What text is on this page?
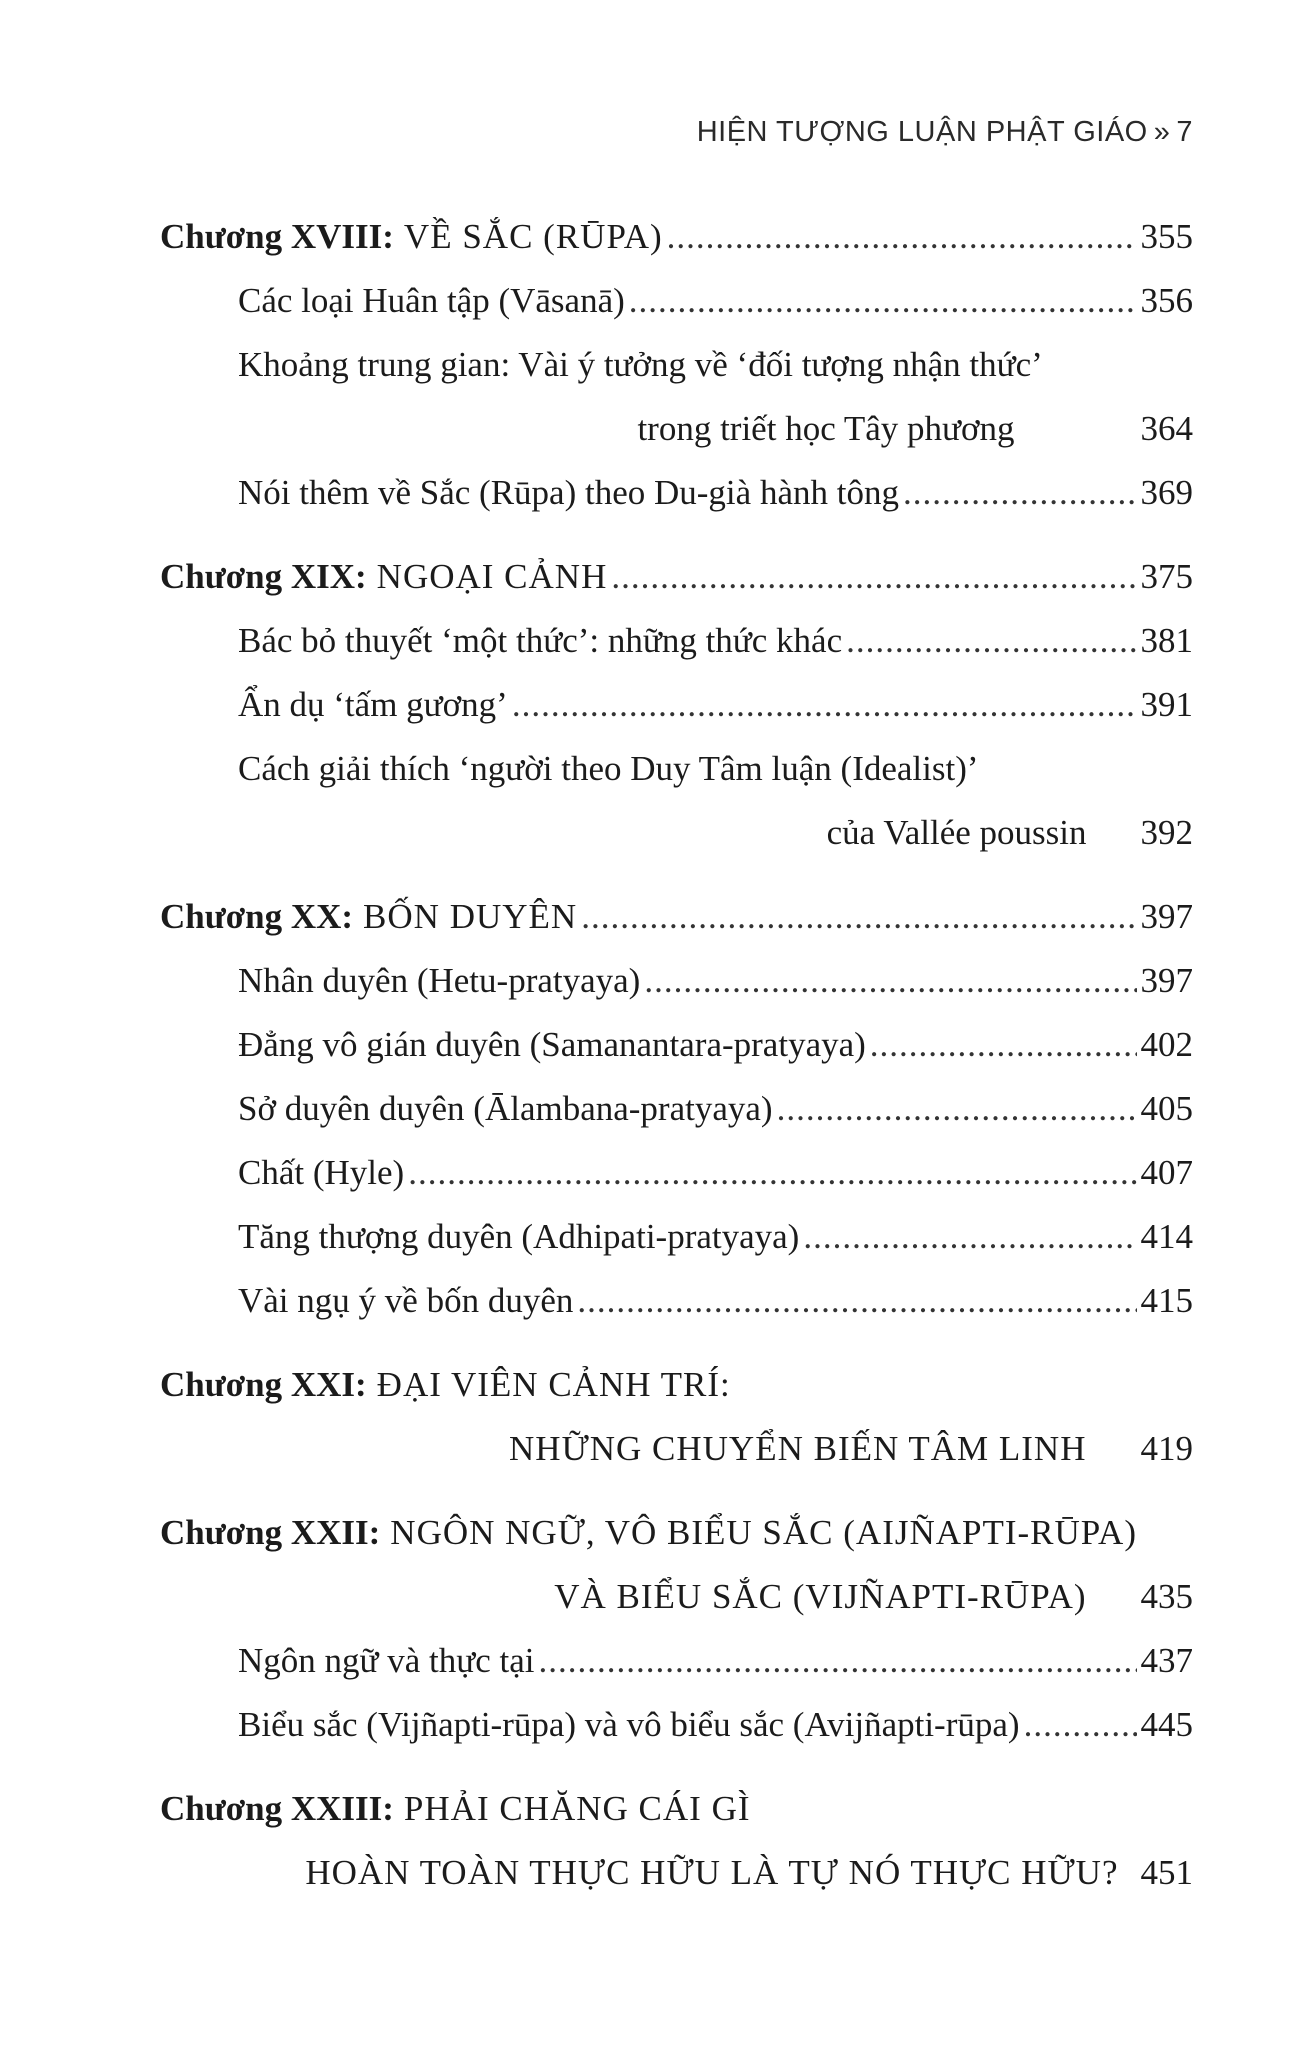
HIỆN TƯỢNG LUẬN PHẬT GIÁO » 7
Chương XVIII: VỀ SẮC (RŪPA) .....	355
Các loại Huân tập (Vāsanā) .....	356
Khoảng trung gian: Vài ý tưởng về ‘đối tượng nhận thức’
trong triết học Tây phương	364
Nói thêm về Sắc (Rūpa) theo Du-già hành tông .....	369
Chương XIX: NGOẠI CẢNH .....	375
Bác bỏ thuyết ‘một thức’: những thức khác .....	381
Ẩn dụ ‘tấm gương’ .....	391
Cách giải thích ‘người theo Duy Tâm luận (Idealist)’
của Vallée poussin 392
Chương XX: BỐN DUYÊN .....	397
Nhân duyên (Hetu-pratyaya) .....	397
Đẳng vô gián duyên (Samanantara-pratyaya) .....	402
Sở duyên duyên (Ālambana-pratyaya) .....	405
Chất (Hyle) .....	407
Tăng thượng duyên (Adhipati-pratyaya) .....	414
Vài ngụ ý về bốn duyên .....	415
Chương XXI: ĐẠI VIÊN CẢNH TRÍ:
NHỮNG CHUYỂN BIẾN TÂM LINH 419
Chương XXII: NGÔN NGỮ, VÔ BIỂU SẮC (AIJÑAPTI-RŪPA)
VÀ BIỂU SẮC (VIJÑAPTI-RŪPA) 435
Ngôn ngữ và thực tại .....	437
Biểu sắc (Vijñapti-rūpa) và vô biểu sắc (Avijñapti-rūpa) .....	445
Chương XXIII: PHẢI CHĂNG CÁI GÌ
HOÀN TOÀN THỰC HỮU LÀ TỰ NÓ THỰC HỮU? 451
